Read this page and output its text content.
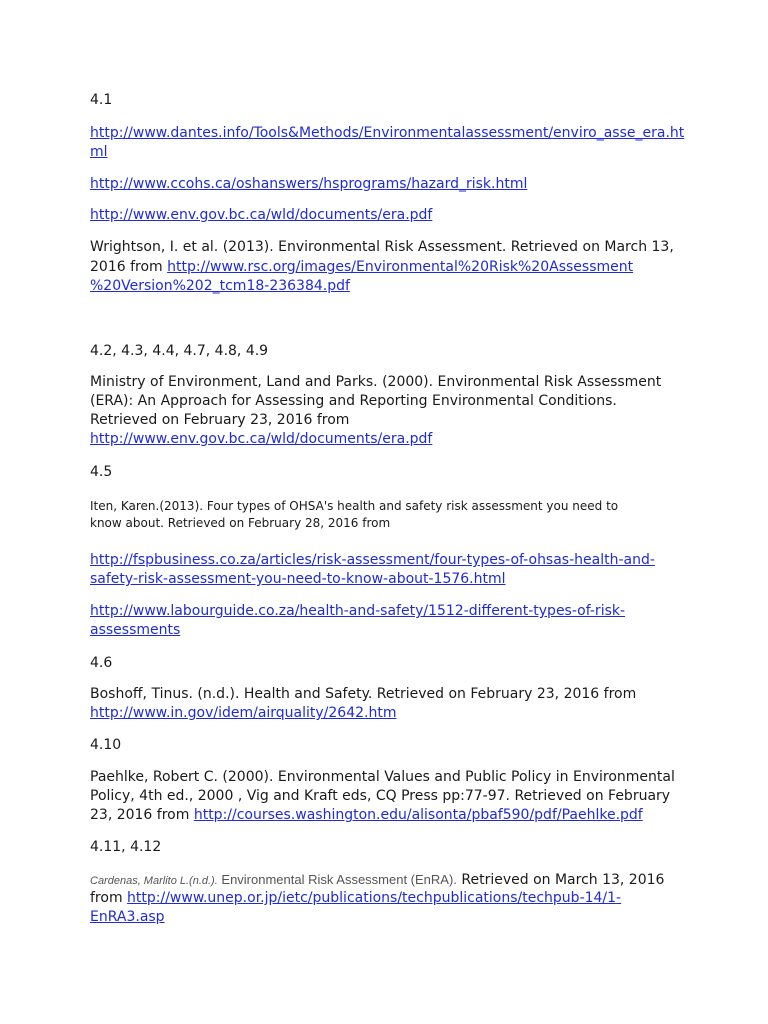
4.1
http://www.dantes.info/Tools&Methods/Environmentalassessment/enviro_asse_era.ht
ml
http://www.ccohs.ca/oshanswers/hsprograms/hazard_risk.html
http://www.env.gov.bc.ca/wld/documents/era.pdf
Wrightson, I. et al. (2013). Environmental Risk Assessment. Retrieved on March 13,
2016 from http://www.rsc.org/images/Environmental%20Risk%20Assessment
%20Version%202_tcm18-236384.pdf
4.2, 4.3, 4.4, 4.7, 4.8, 4.9
Ministry of Environment, Land and Parks. (2000). Environmental Risk Assessment
(ERA): An Approach for Assessing and Reporting Environmental Conditions.
Retrieved on February 23, 2016 from
http://www.env.gov.bc.ca/wld/documents/era.pdf
4.5
Iten, Karen.(2013). Four types of OHSA's health and safety risk assessment you need to
know about. Retrieved on February 28, 2016 from
http://fspbusiness.co.za/articles/risk-assessment/four-types-of-ohsas-health-and-
safety-risk-assessment-you-need-to-know-about-1576.html
http://www.labourguide.co.za/health-and-safety/1512-different-types-of-risk-
assessments
4.6
Boshoff, Tinus. (n.d.). Health and Safety. Retrieved on February 23, 2016 from
http://www.in.gov/idem/airquality/2642.htm
4.10
Paehlke, Robert C. (2000). Environmental Values and Public Policy in Environmental
Policy, 4th ed., 2000 , Vig and Kraft eds, CQ Press pp:77-97. Retrieved on February
23, 2016 from http://courses.washington.edu/alisonta/pbaf590/pdf/Paehlke.pdf
4.11, 4.12
Cardenas, Marlito L.(n.d.). Environmental Risk Assessment (EnRA). Retrieved on March 13, 2016
from http://www.unep.or.jp/ietc/publications/techpublications/techpub-14/1-
EnRA3.asp
